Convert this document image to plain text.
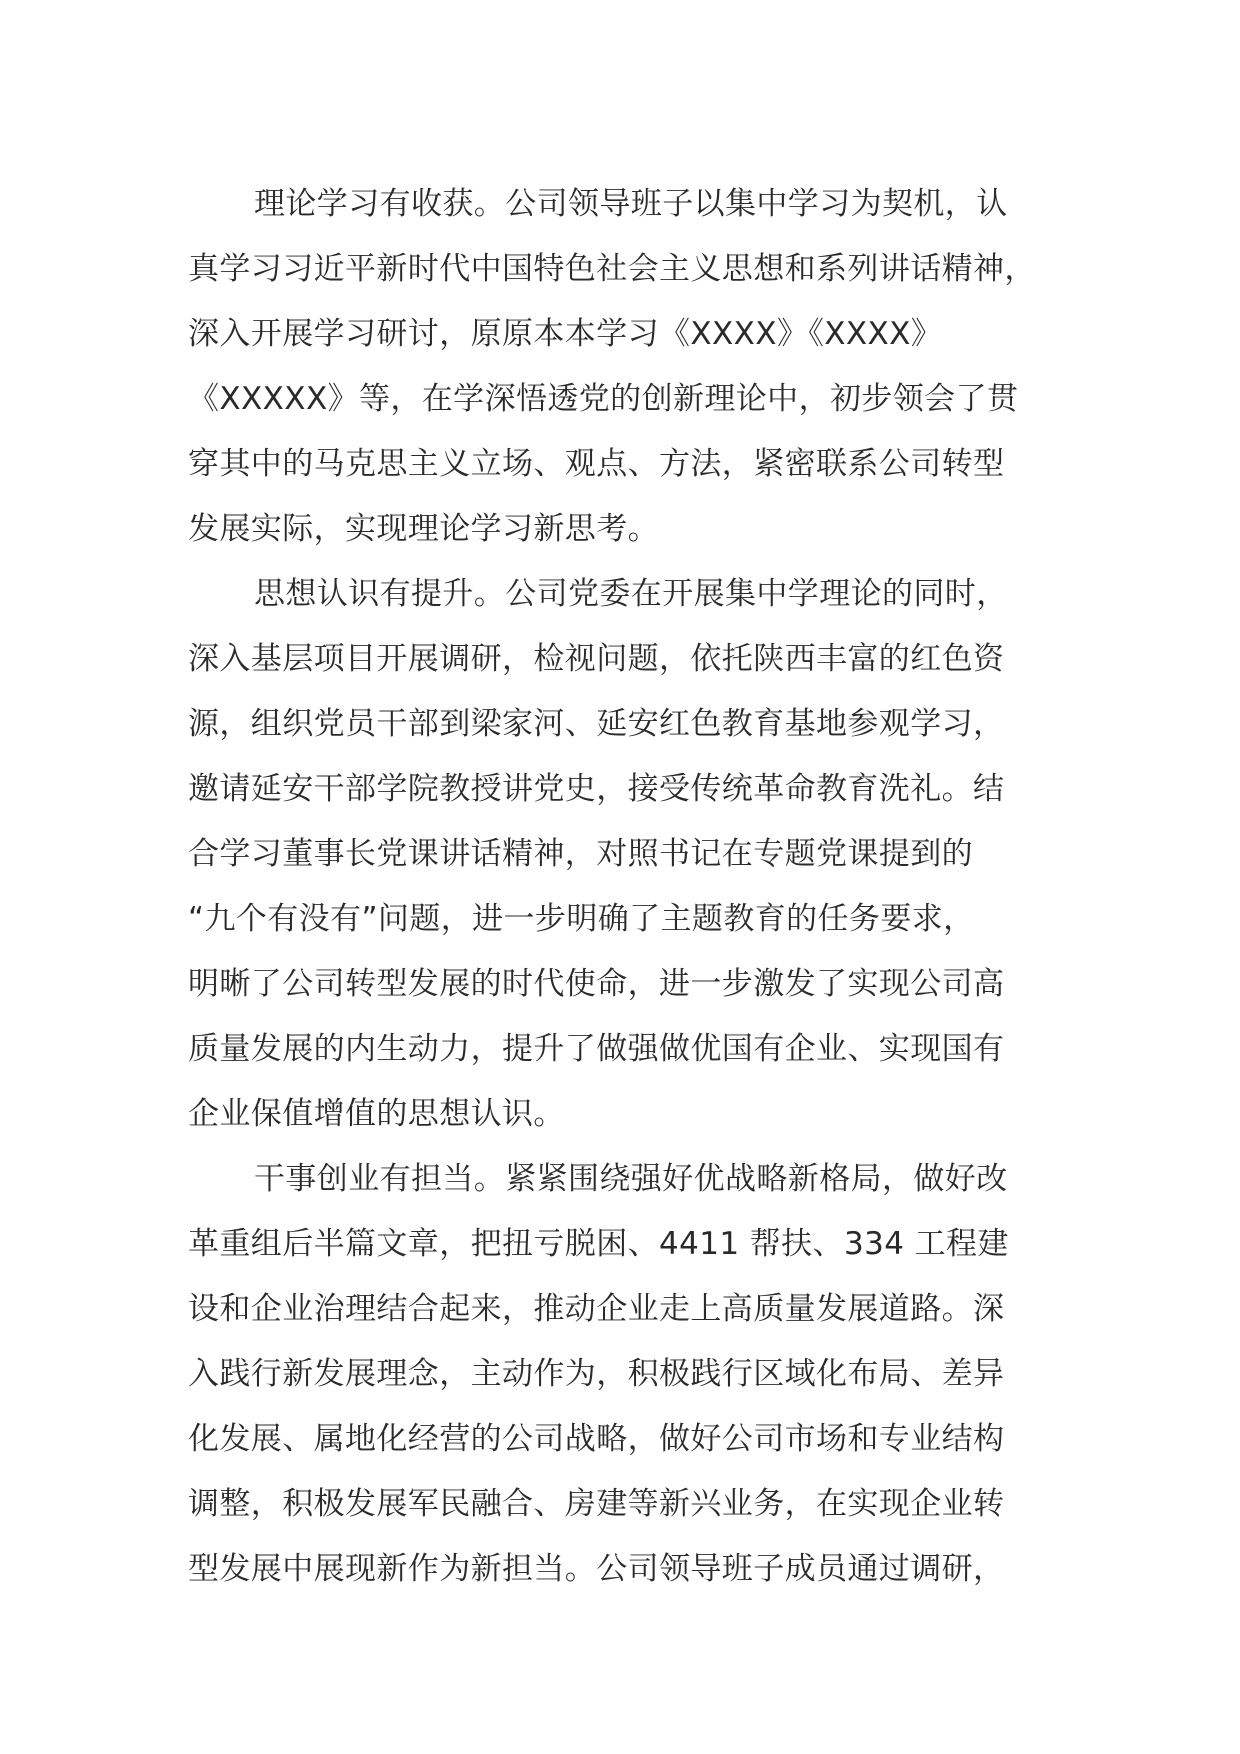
理论学习有收获。公司领导班子以集中学习为契机，认
真学习习近平新时代中国特色社会主义思想和系列讲话精神，
深入开展学习研讨，原原本本学习《XXXX》《XXXX》
《XXXXX》等，在学深悟透党的创新理论中，初步领会了贯
穿其中的马克思主义立场、观点、方法，紧密联系公司转型
发展实际，实现理论学习新思考。
思想认识有提升。公司党委在开展集中学理论的同时，
深入基层项目开展调研，检视问题，依托陕西丰富的红色资
源，组织党员干部到梁家河、延安红色教育基地参观学习，
邀请延安干部学院教授讲党史，接受传统革命教育洗礼。结
合学习董事长党课讲话精神，对照书记在专题党课提到的
“九个有没有”问题，进一步明确了主题教育的任务要求，
明晰了公司转型发展的时代使命，进一步激发了实现公司高
质量发展的内生动力，提升了做强做优国有企业、实现国有
企业保值增值的思想认识。
干事创业有担当。紧紧围绕强好优战略新格局，做好改
革重组后半篇文章，把扭亏脱困、4411 帮扶、334 工程建
设和企业治理结合起来，推动企业走上高质量发展道路。深
入践行新发展理念，主动作为，积极践行区域化布局、差异
化发展、属地化经营的公司战略，做好公司市场和专业结构
调整，积极发展军民融合、房建等新兴业务，在实现企业转
型发展中展现新作为新担当。公司领导班子成员通过调研，
